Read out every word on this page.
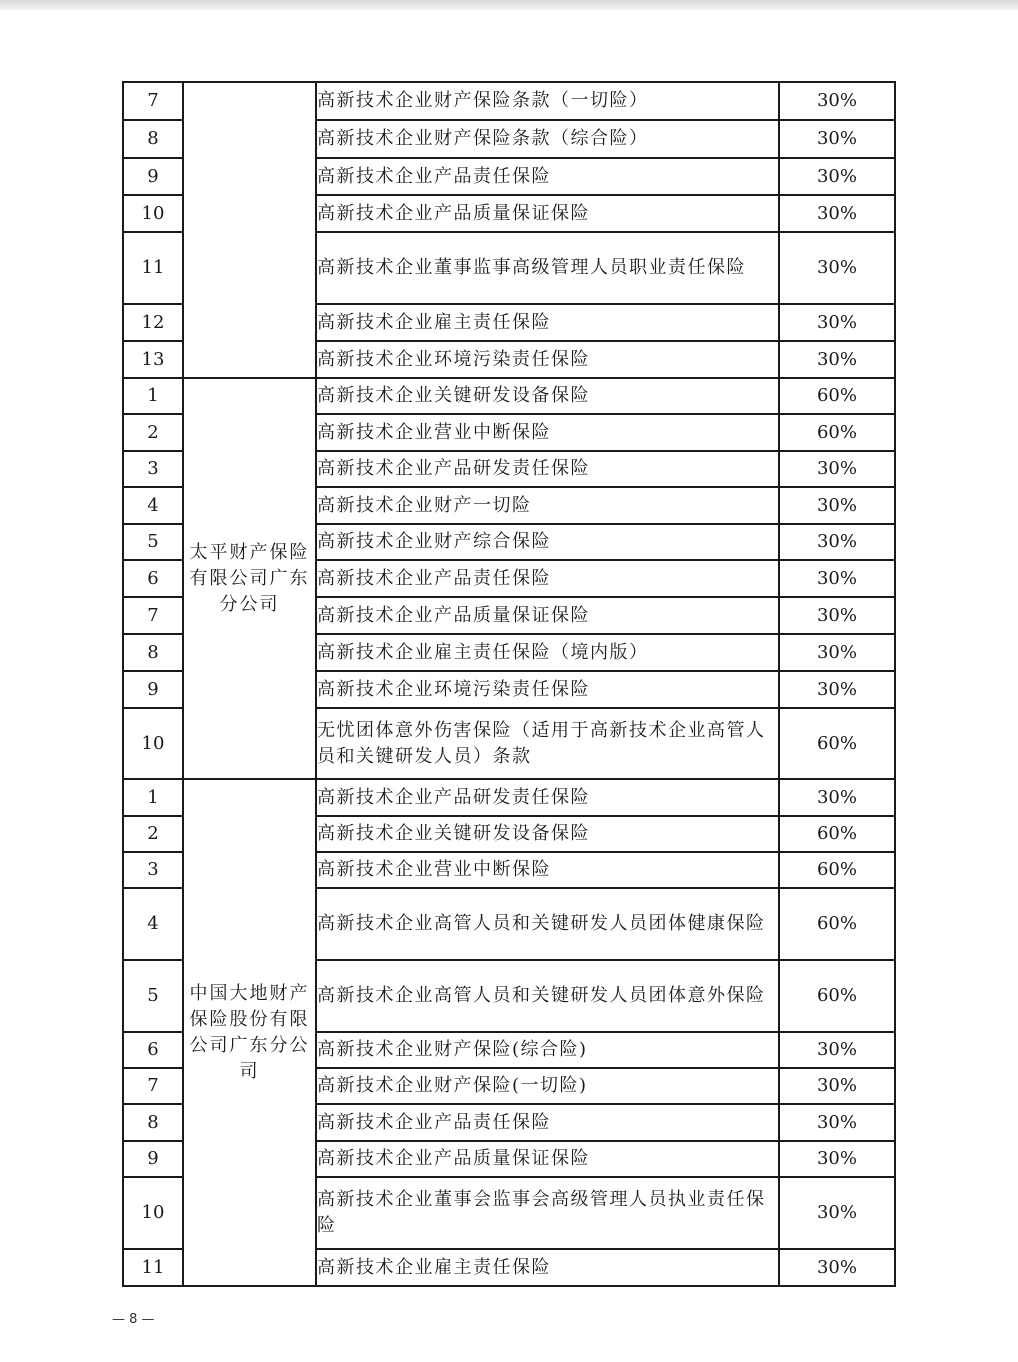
7		高新技术企业财产保险条款（一切险）	30%
8		高新技术企业财产保险条款（综合险）	30%
9		高新技术企业产品责任保险	30%
10		高新技术企业产品质量保证保险	30%
11		高新技术企业董事监事高级管理人员职业责任保险	30%
12		高新技术企业雇主责任保险	30%
13		高新技术企业环境污染责任保险	30%
1	太平财产保险有限公司广东分公司	高新技术企业关键研发设备保险	60%
2		高新技术企业营业中断保险	60%
3		高新技术企业产品研发责任保险	30%
4		高新技术企业财产一切险	30%
5		高新技术企业财产综合保险	30%
6		高新技术企业产品责任保险	30%
7		高新技术企业产品质量保证保险	30%
8		高新技术企业雇主责任保险（境内版）	30%
9		高新技术企业环境污染责任保险	30%
10		无忧团体意外伤害保险（适用于高新技术企业高管人员和关键研发人员）条款	60%
1	中国大地财产保险股份有限公司广东分公司	高新技术企业产品研发责任保险	30%
2		高新技术企业关键研发设备保险	60%
3		高新技术企业营业中断保险	60%
4		高新技术企业高管人员和关键研发人员团体健康保险	60%
5		高新技术企业高管人员和关键研发人员团体意外保险	60%
6		高新技术企业财产保险(综合险)	30%
7		高新技术企业财产保险(一切险)	30%
8		高新技术企业产品责任保险	30%
9		高新技术企业产品质量保证保险	30%
10		高新技术企业董事会监事会高级管理人员执业责任保险	30%
11		高新技术企业雇主责任保险	30%
— 8 —
